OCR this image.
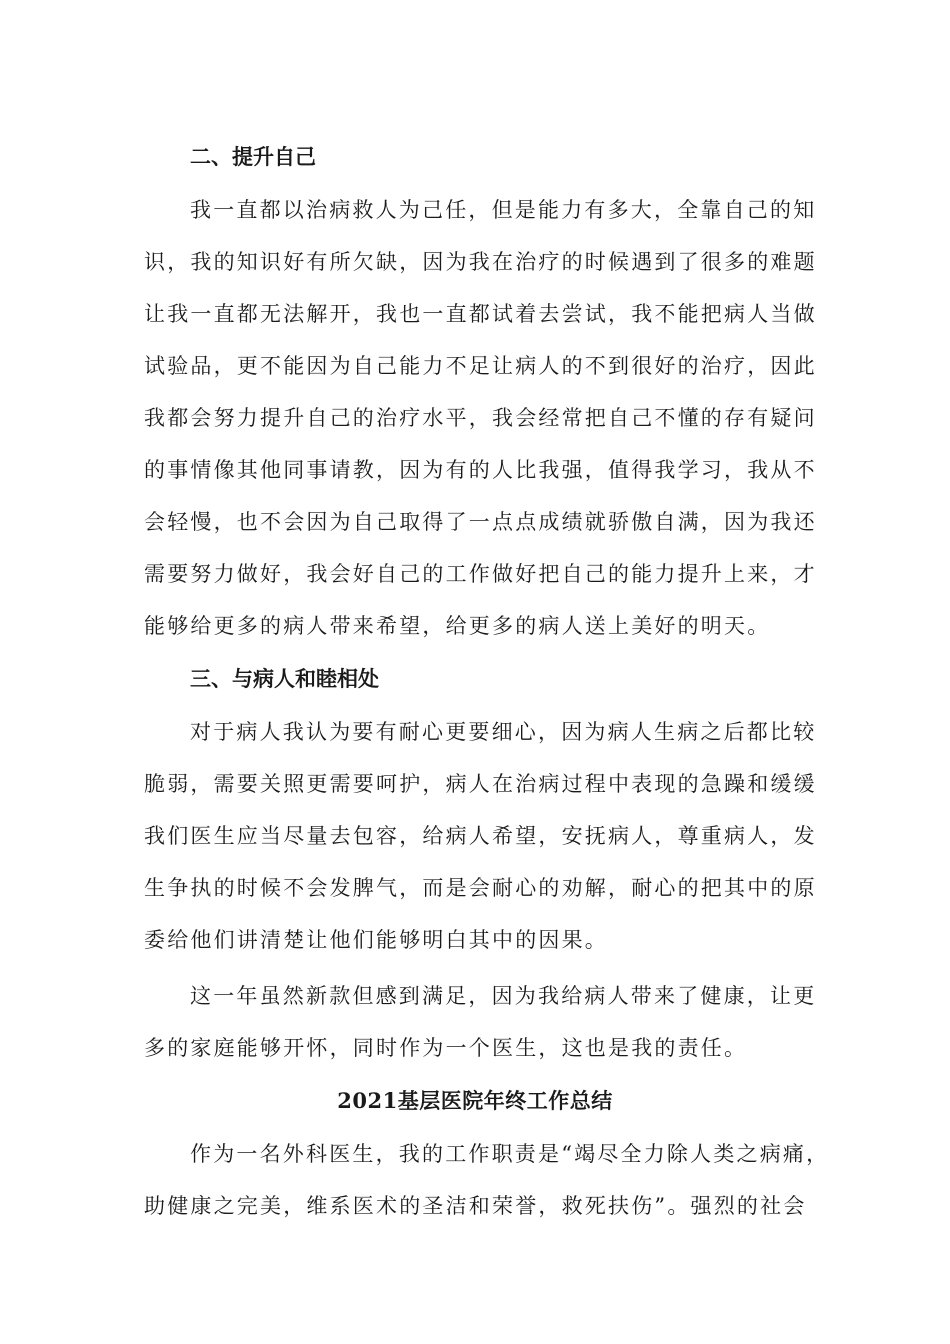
二、提升自己
我一直都以治病救人为己任，但是能力有多大，全靠自己的知
识，我的知识好有所欠缺，因为我在治疗的时候遇到了很多的难题
让我一直都无法解开，我也一直都试着去尝试，我不能把病人当做
试验品，更不能因为自己能力不足让病人的不到很好的治疗，因此
我都会努力提升自己的治疗水平，我会经常把自己不懂的存有疑问
的事情像其他同事请教，因为有的人比我强，值得我学习，我从不
会轻慢，也不会因为自己取得了一点点成绩就骄傲自满，因为我还
需要努力做好，我会好自己的工作做好把自己的能力提升上来，才
能够给更多的病人带来希望，给更多的病人送上美好的明天。
三、与病人和睦相处
对于病人我认为要有耐心更要细心，因为病人生病之后都比较
脆弱，需要关照更需要呵护，病人在治病过程中表现的急躁和缓缓
我们医生应当尽量去包容，给病人希望，安抚病人，尊重病人，发
生争执的时候不会发脾气，而是会耐心的劝解，耐心的把其中的原
委给他们讲清楚让他们能够明白其中的因果。
这一年虽然新款但感到满足，因为我给病人带来了健康，让更
多的家庭能够开怀，同时作为一个医生，这也是我的责任。
2021基层医院年终工作总结
作为一名外科医生，我的工作职责是“竭尽全力除人类之病痛，
助健康之完美，维系医术的圣洁和荣誉，救死扶伤”。强烈的社会
